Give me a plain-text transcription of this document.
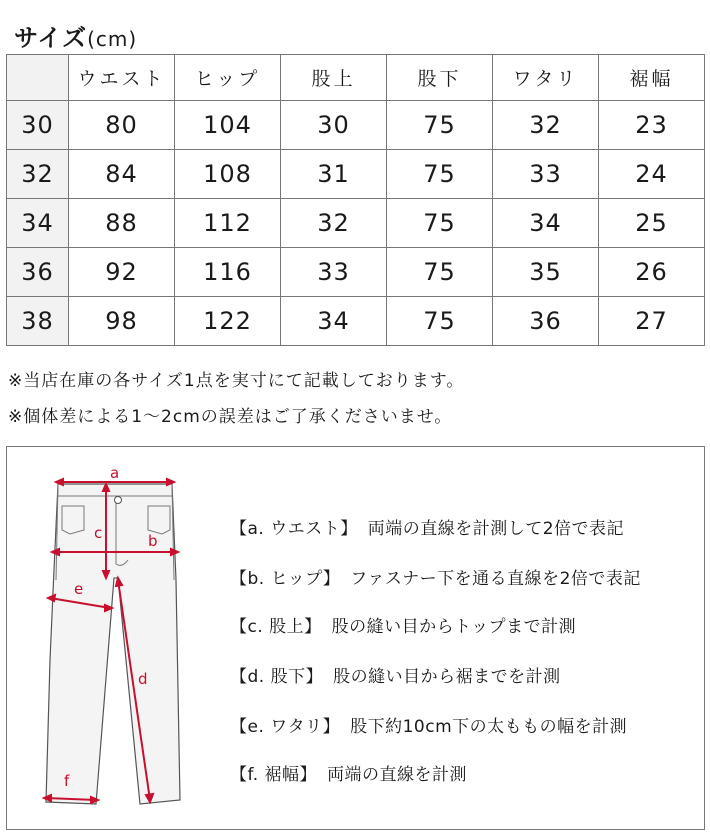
サイズ(cm)
	ウエスト	ヒップ	股上	股下	ワタリ	裾幅
30	80	104	30	75	32	23
32	84	108	31	75	33	24
34	88	112	32	75	34	25
36	92	116	33	75	35	26
38	98	122	34	75	36	27
※当店在庫の各サイズ1点を実寸にて記載しております。
※個体差による1〜2cmの誤差はご了承くださいませ。
a
b
c
d
e
f
【a. ウエスト】 両端の直線を計測して2倍で表記
【b. ヒップ】 ファスナー下を通る直線を2倍で表記
【c. 股上】 股の縫い目からトップまで計測
【d. 股下】 股の縫い目から裾までを計測
【e. ワタリ】 股下約10cm下の太ももの幅を計測
【f. 裾幅】 両端の直線を計測
